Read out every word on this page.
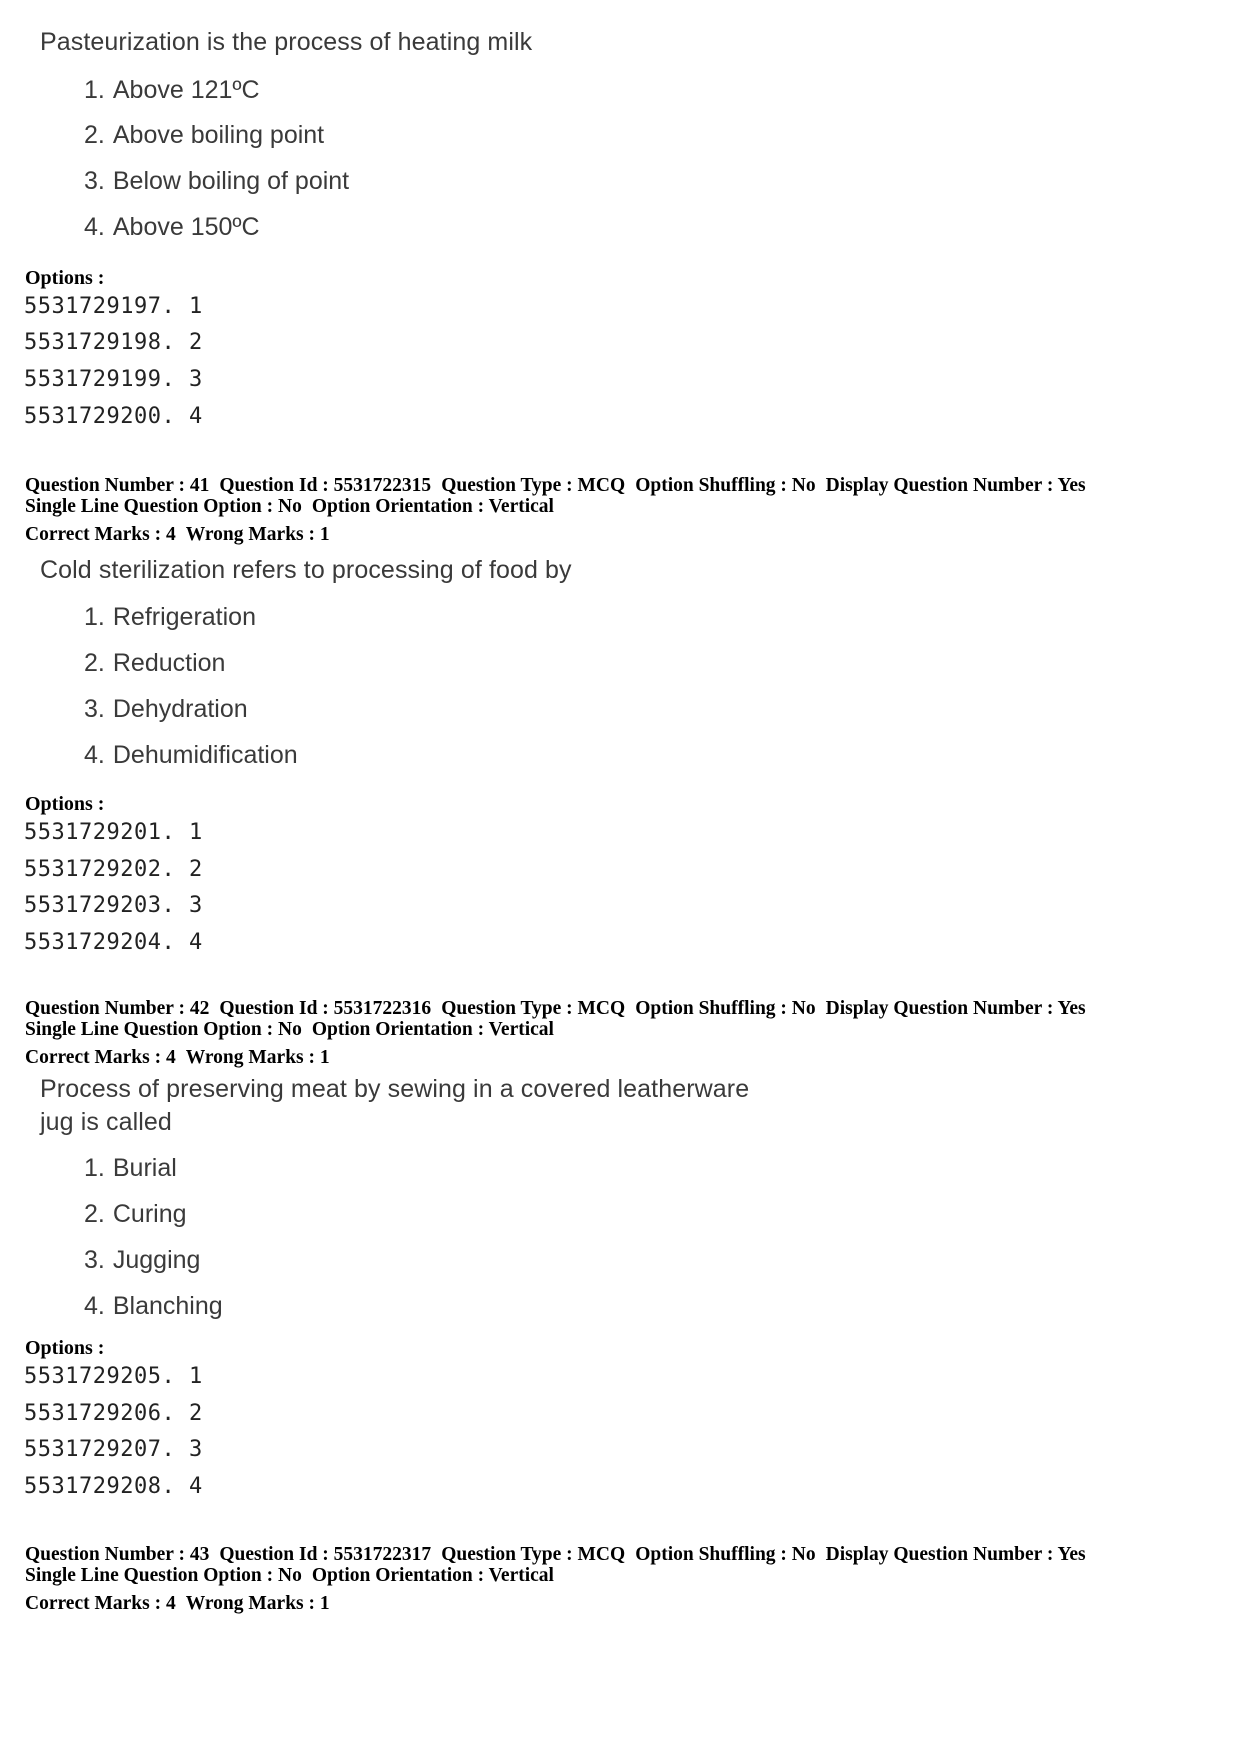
Pasteurization is the process of heating milk
1. Above 121ºC
2. Above boiling point
3. Below boiling of point
4. Above 150ºC
Options :
5531729197. 1
5531729198. 2
5531729199. 3
5531729200. 4
Question Number : 41 Question Id : 5531722315 Question Type : MCQ Option Shuffling : No Display Question Number : Yes
Single Line Question Option : No Option Orientation : Vertical
Correct Marks : 4 Wrong Marks : 1
Cold sterilization refers to processing of food by
1. Refrigeration
2. Reduction
3. Dehydration
4. Dehumidification
Options :
5531729201. 1
5531729202. 2
5531729203. 3
5531729204. 4
Question Number : 42 Question Id : 5531722316 Question Type : MCQ Option Shuffling : No Display Question Number : Yes
Single Line Question Option : No Option Orientation : Vertical
Correct Marks : 4 Wrong Marks : 1
Process of preserving meat by sewing in a covered leatherware
jug is called
1. Burial
2. Curing
3. Jugging
4. Blanching
Options :
5531729205. 1
5531729206. 2
5531729207. 3
5531729208. 4
Question Number : 43 Question Id : 5531722317 Question Type : MCQ Option Shuffling : No Display Question Number : Yes
Single Line Question Option : No Option Orientation : Vertical
Correct Marks : 4 Wrong Marks : 1
